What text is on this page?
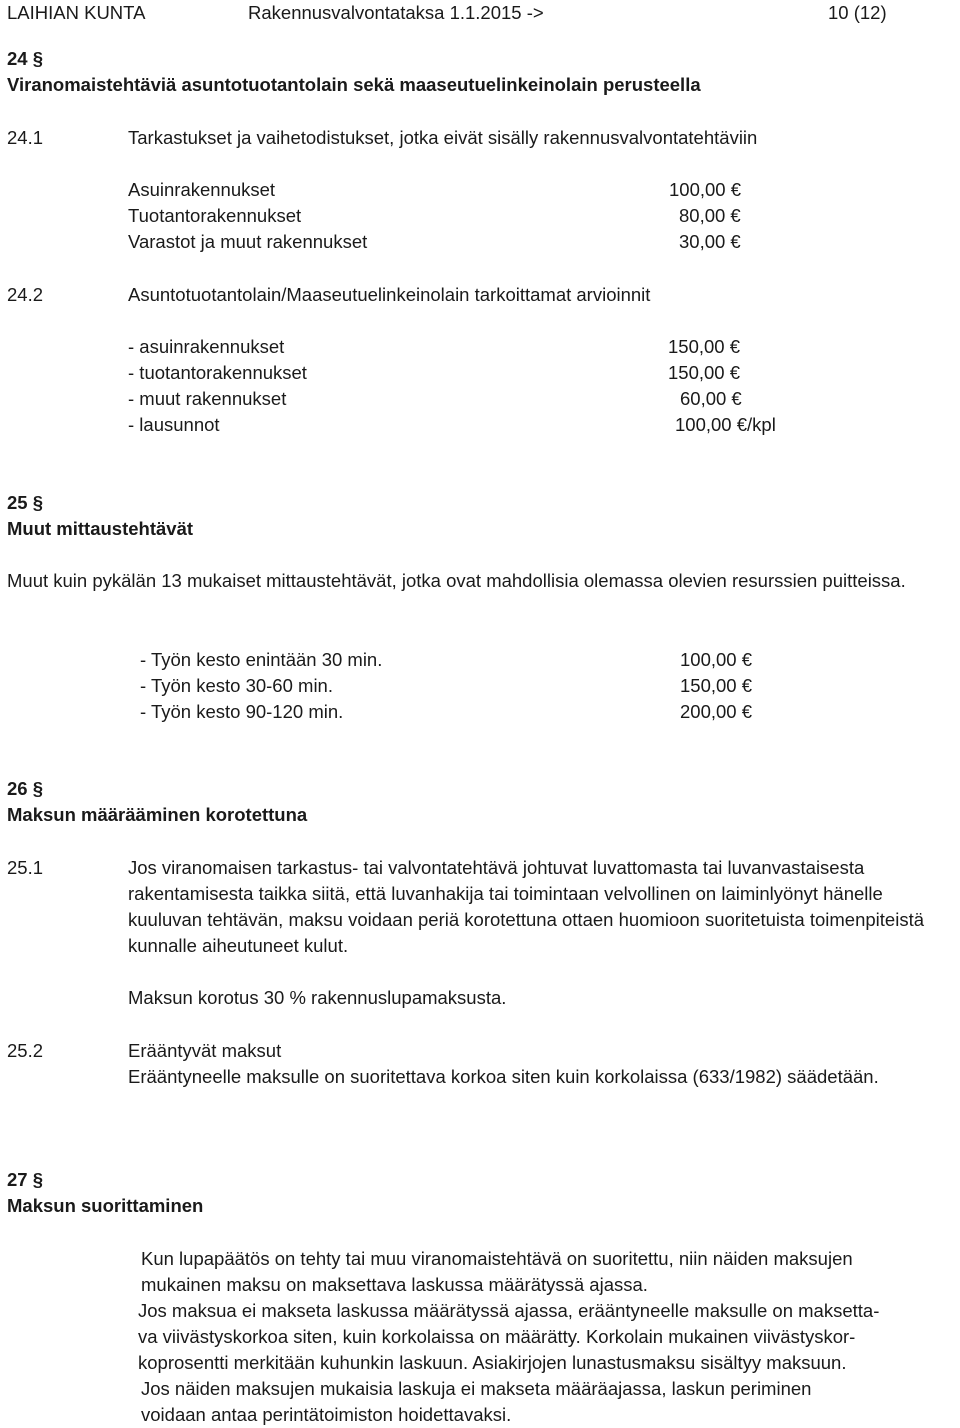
LAIHIAN KUNTA	Rakennusvalvontataksa 1.1.2015 ->	10 (12)
24 §
Viranomaistehtäviä asuntotuotantolain sekä maaseutuelinkeinolain perusteella
24.1	Tarkastukset ja vaihetodistukset, jotka eivät sisälly rakennusvalvontatehtäviin
Asuinrakennukset	100,00 €
Tuotantorakennukset	80,00 €
Varastot ja muut rakennukset	30,00 €
24.2	Asuntotuotantolain/Maaseutuelinkeinolain tarkoittamat arvioinnit
- asuinrakennukset	150,00 €
- tuotantorakennukset	150,00 €
- muut rakennukset	60,00 €
- lausunnot	100,00 €/kpl
25 §
Muut mittaustehtävät
Muut kuin pykälän 13 mukaiset mittaustehtävät, jotka ovat mahdollisia olemassa olevien resurssien puitteissa.
- Työn kesto enintään 30 min.	100,00 €
- Työn kesto 30-60 min.	150,00 €
- Työn kesto 90-120 min.	200,00 €
26 §
Maksun määrääminen korotettuna
25.1	Jos viranomaisen tarkastus- tai valvontatehtävä johtuvat luvattomasta tai luvanvastaisesta rakentamisesta taikka siitä, että luvanhakija tai toimintaan velvollinen on laiminlyönyt hänelle kuuluvan tehtävän, maksu voidaan periä korotettuna ottaen huomioon suoritetuista toimenpiteistä kunnalle aiheutuneet kulut.
Maksun korotus 30 % rakennuslupamaksusta.
25.2	Erääntyvät maksut
Erääntyneelle maksulle on suoritettava korkoa siten kuin korkolaissa (633/1982) säädetään.
27 §
Maksun suorittaminen
Kun lupapäätös on tehty tai muu viranomaistehtävä on suoritettu, niin näiden maksujen
mukainen maksu on maksettava laskussa määrätyssä ajassa.
Jos maksua ei makseta laskussa määrätyssä ajassa, erääntyneelle maksulle on maksetta-
va viivästyskorkoa siten, kuin korkolaissa on määrätty. Korkolain mukainen viivästyskor-
koprosentti merkitään kuhunkin laskuun. Asiakirjojen lunastusmaksu sisältyy maksuun.
Jos näiden maksujen mukaisia laskuja ei makseta määräajassa, laskun periminen
voidaan antaa perintätoimiston hoidettavaksi.
